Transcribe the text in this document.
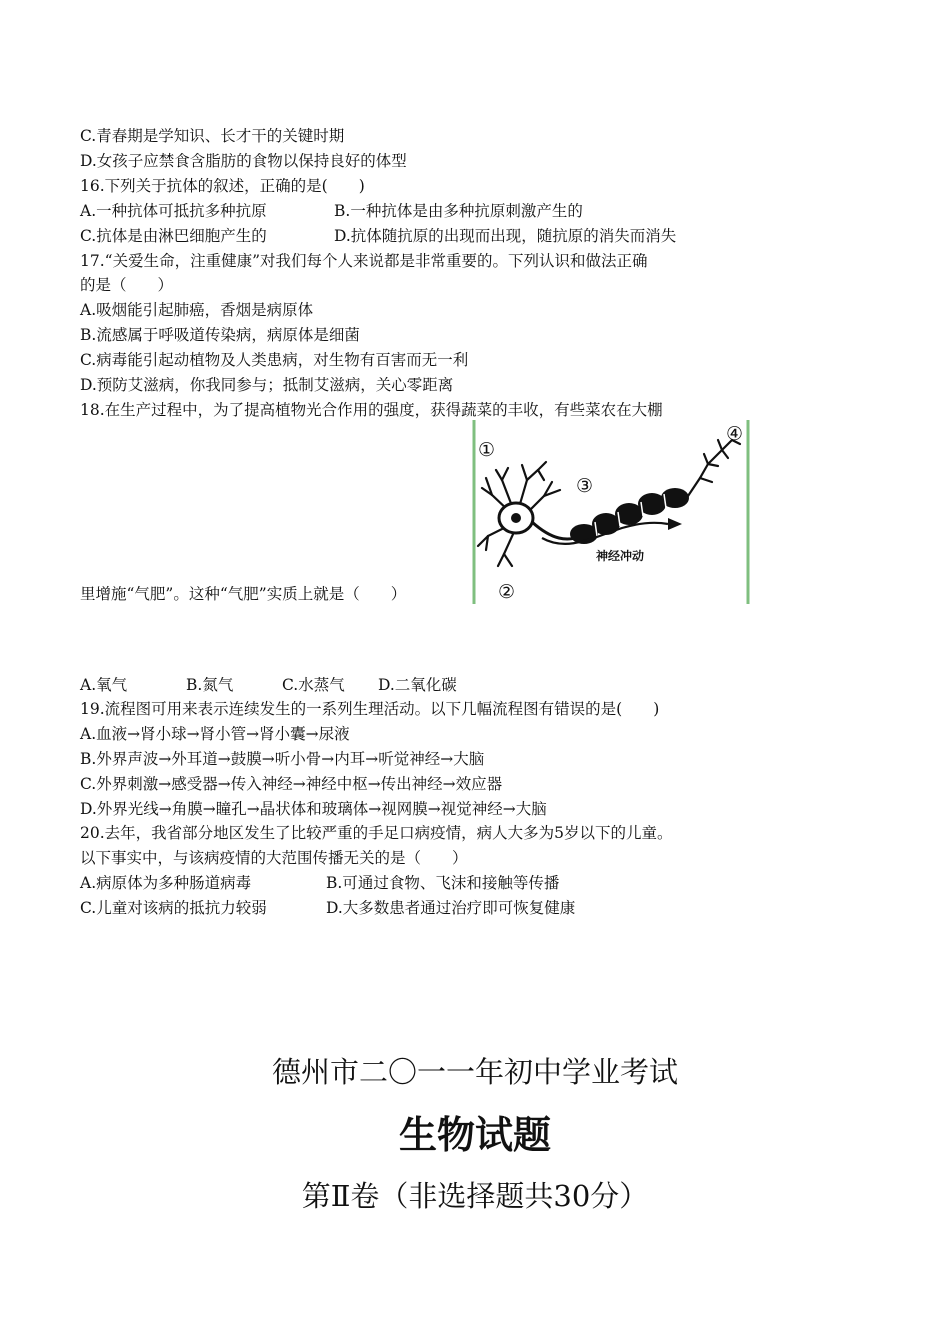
C.青春期是学知识、长才干的关键时期
D.女孩子应禁食含脂肪的食物以保持良好的体型
16.下列关于抗体的叙述，正确的是(　　)
A.一种抗体可抵抗多种抗原	B.一种抗体是由多种抗原刺激产生的
C.抗体是由淋巴细胞产生的	D.抗体随抗原的出现而出现，随抗原的消失而消失
17.“关爱生命，注重健康”对我们每个人来说都是非常重要的。下列认识和做法正确
的是（　　）
A.吸烟能引起肺癌，香烟是病原体
B.流感属于呼吸道传染病，病原体是细菌
C.病毒能引起动植物及人类患病，对生物有百害而无一利
D.预防艾滋病，你我同参与；抵制艾滋病，关心零距离
18.在生产过程中，为了提高植物光合作用的强度，获得蔬菜的丰收，有些菜农在大棚
里增施“气肥”。这种“气肥”实质上就是（　　）
A.氧气	B.氮气	C.水蒸气 D.二氧化碳
19.流程图可用来表示连续发生的一系列生理活动。以下几幅流程图有错误的是(　　)
A.血液→肾小球→肾小管→肾小囊→尿液
B.外界声波→外耳道→鼓膜→听小骨→内耳→听觉神经→大脑
C.外界刺激→感受器→传入神经→神经中枢→传出神经→效应器
D.外界光线→角膜→瞳孔→晶状体和玻璃体→视网膜→视觉神经→大脑
20.去年，我省部分地区发生了比较严重的手足口病疫情，病人大多为5岁以下的儿童。
以下事实中，与该病疫情的大范围传播无关的是（　　）
A.病原体为多种肠道病毒	B.可通过食物、飞沫和接触等传播
C.儿童对该病的抵抗力较弱	D.大多数患者通过治疗即可恢复健康
①
③
④
②
神经冲动
德州市二〇一一年初中学业考试
生物试题
第Ⅱ卷（非选择题共30分）
